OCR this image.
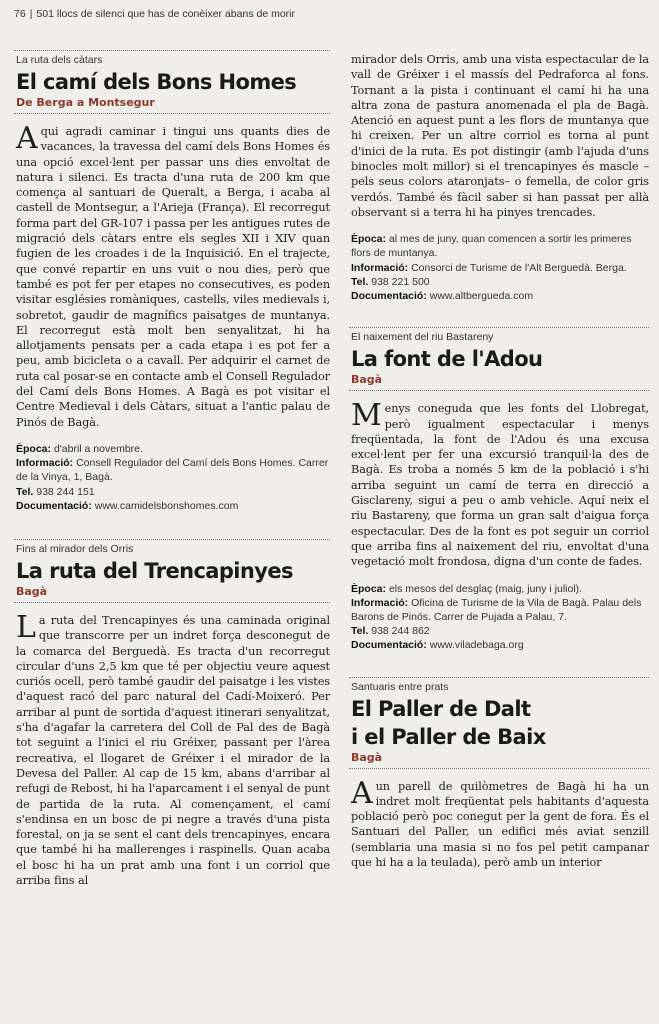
76 | 501 llocs de silenci que has de conèixer abans de morir
La ruta dels càtars
El camí dels Bons Homes
De Berga a Montsegur
Aqui agradi caminar i tingui uns quants dies de vacances, la travessa del camí dels Bons Homes és una opció excel·lent per passar uns dies envoltat de natura i silenci. Es tracta d'una ruta de 200 km que comença al santuari de Queralt, a Berga, i acaba al castell de Montsegur, a l'Arieja (França). El recorregut forma part del GR-107 i passa per les antigues rutes de migració dels càtars entre els segles XII i XIV quan fugien de les croades i de la Inquisició. En el trajecte, que convé repartir en uns vuit o nou dies, però que també es pot fer per etapes no consecutives, es poden visitar esglésies romàniques, castells, viles medievals i, sobretot, gaudir de magnífics paisatges de muntanya. El recorregut està molt ben senyalitzat, hi ha allotjaments pensats per a cada etapa i es pot fer a peu, amb bicicleta o a cavall. Per adquirir el carnet de ruta cal posar-se en contacte amb el Consell Regulador del Camí dels Bons Homes. A Bagà es pot visitar el Centre Medieval i dels Càtars, situat a l'antic palau de Pinós de Bagà.
Època: d'abril a novembre.
Informació: Consell Regulador del Camí dels Bons Homes. Carrer de la Vinya, 1, Bagà.
Tel. 938 244 151
Documentació: www.camidelsbonshomes.com
Fins al mirador dels Orris
La ruta del Trencapinyes
Bagà
La ruta del Trencapinyes és una caminada original que transcorre per un indret força desconegut de la comarca del Berguedà. Es tracta d'un recorregut circular d'uns 2,5 km que té per objectiu veure aquest curiós ocell, però també gaudir del paisatge i les vistes d'aquest racó del parc natural del Cadí-Moixeró. Per arribar al punt de sortida d'aquest itinerari senyalitzat, s'ha d'agafar la carretera del Coll de Pal des de Bagà tot seguint a l'inici el riu Gréixer, passant per l'àrea recreativa, el llogaret de Gréixer i el mirador de la Devesa del Paller. Al cap de 15 km, abans d'arribar al refugi de Rebost, hi ha l'aparcament i el senyal de punt de partida de la ruta. Al començament, el camí s'endinsa en un bosc de pi negre a través d'una pista forestal, on ja se sent el cant dels trencapinyes, encara que també hi ha mallerenges i raspinells. Quan acaba el bosc hi ha un prat amb una font i un corriol que arriba fins al
mirador dels Orris, amb una vista espectacular de la vall de Gréixer i el massís del Pedraforca al fons. Tornant a la pista i continuant el camí hi ha una altra zona de pastura anomenada el pla de Bagà. Atenció en aquest punt a les flors de muntanya que hi creixen. Per un altre corriol es torna al punt d'inici de la ruta. Es pot distingir (amb l'ajuda d'uns binocles molt millor) si el trencapinyes és mascle –pels seus colors ataronjats– o femella, de color gris verdós. També és fàcil saber si han passat per allà observant si a terra hi ha pinyes trencades.
Època: al mes de juny, quan comencen a sortir les primeres flors de muntanya.
Informació: Consorci de Turisme de l'Alt Berguedà. Berga.
Tel. 938 221 500
Documentació: www.altbergueda.com
El naixement del riu Bastareny
La font de l'Adou
Bagà
Menys coneguda que les fonts del Llobregat, però igualment espectacular i menys freqüentada, la font de l'Adou és una excusa excel·lent per fer una excursió tranquil·la des de Bagà. Es troba a només 5 km de la població i s'hi arriba seguint un camí de terra en direcció a Gisclareny, sigui a peu o amb vehicle. Aquí neix el riu Bastareny, que forma un gran salt d'aigua força espectacular. Des de la font es pot seguir un corriol que arriba fins al naixement del riu, envoltat d'una vegetació molt frondosa, digna d'un conte de fades.
Època: els mesos del desglaç (maig, juny i juliol).
Informació: Oficina de Turisme de la Vila de Bagà. Palau dels Barons de Pinós. Carrer de Pujada a Palau, 7.
Tel. 938 244 862
Documentació: www.viladebaga.org
Santuaris entre prats
El Paller de Dalt
i el Paller de Baix
Bagà
Aun parell de quilòmetres de Bagà hi ha un indret molt freqüentat pels habitants d'aquesta població però poc conegut per la gent de fora. És el Santuari del Paller, un edifici més aviat senzill (semblaria una masia si no fos pel petit campanar que hi ha a la teulada), però amb un interior
